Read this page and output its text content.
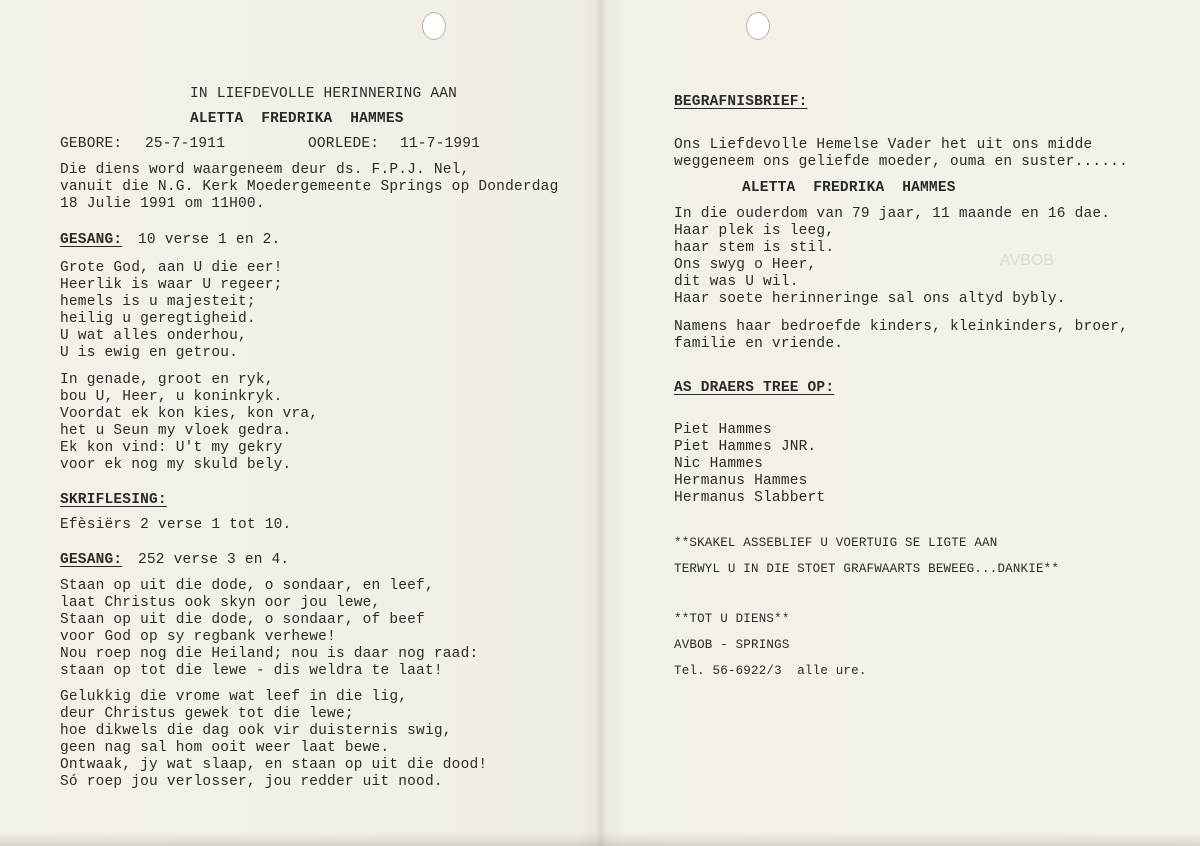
AVBOB
IN LIEFDEVOLLE HERINNERING AAN
ALETTA  FREDRIKA  HAMMES
GEBORE: 25-7-1911	OORLEDE: 11-7-1991
Die diens word waargeneem deur ds. F.P.J. Nel,
vanuit die N.G. Kerk Moedergemeente Springs op Donderdag
18 Julie 1991 om 11H00.
GESANG: 10 verse 1 en 2.
Grote God, aan U die eer!
Heerlik is waar U regeer;
hemels is u majesteit;
heilig u geregtigheid.
U wat alles onderhou,
U is ewig en getrou.
In genade, groot en ryk,
bou U, Heer, u koninkryk.
Voordat ek kon kies, kon vra,
het u Seun my vloek gedra.
Ek kon vind: U't my gekry
voor ek nog my skuld bely.
SKRIFLESING:
Efèsiërs 2 verse 1 tot 10.
GESANG: 252 verse 3 en 4.
Staan op uit die dode, o sondaar, en leef,
laat Christus ook skyn oor jou lewe,
Staan op uit die dode, o sondaar, of beef
voor God op sy regbank verhewe!
Nou roep nog die Heiland; nou is daar nog raad:
staan op tot die lewe - dis weldra te laat!
Gelukkig die vrome wat leef in die lig,
deur Christus gewek tot die lewe;
hoe dikwels die dag ook vir duisternis swig,
geen nag sal hom ooit weer laat bewe.
Ontwaak, jy wat slaap, en staan op uit die dood!
Só roep jou verlosser, jou redder uit nood.
BEGRAFNISBRIEF:
Ons Liefdevolle Hemelse Vader het uit ons midde
weggeneem ons geliefde moeder, ouma en suster......
ALETTA  FREDRIKA  HAMMES
In die ouderdom van 79 jaar, 11 maande en 16 dae.
Haar plek is leeg,
haar stem is stil.
Ons swyg o Heer,
dit was U wil.
Haar soete herinneringe sal ons altyd bybly.
Namens haar bedroefde kinders, kleinkinders, broer,
familie en vriende.
AS DRAERS TREE OP:
Piet Hammes
Piet Hammes JNR.
Nic Hammes
Hermanus Hammes
Hermanus Slabbert
**SKAKEL ASSEBLIEF U VOERTUIG SE LIGTE AAN
TERWYL U IN DIE STOET GRAFWAARTS BEWEEG...DANKIE**
**TOT U DIENS**
AVBOB - SPRINGS
Tel. 56-6922/3  alle ure.
